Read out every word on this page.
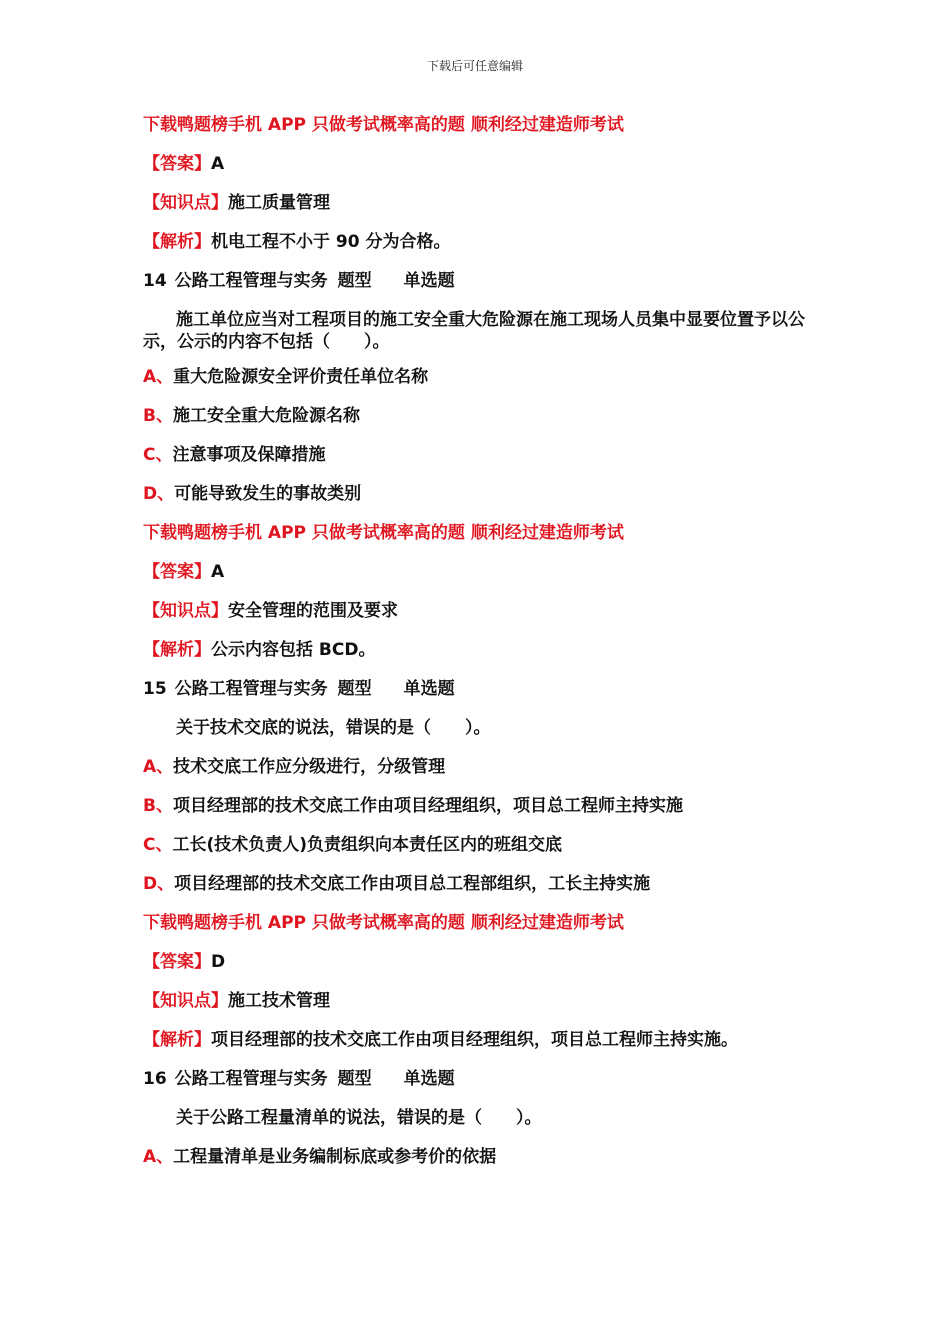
下载后可任意编辑
下载鸭题榜手机 APP 只做考试概率高的题 顺利经过建造师考试
【答案】A
【知识点】施工质量管理
【解析】机电工程不小于 90 分为合格。
14 公路工程管理与实务 题型 单选题
施工单位应当对工程项目的施工安全重大危险源在施工现场人员集中显要位置予以公示，公示的内容不包括（　　）。
A、重大危险源安全评价责任单位名称
B、施工安全重大危险源名称
C、注意事项及保障措施
D、可能导致发生的事故类别
下载鸭题榜手机 APP 只做考试概率高的题 顺利经过建造师考试
【答案】A
【知识点】安全管理的范围及要求
【解析】公示内容包括 BCD。
15 公路工程管理与实务 题型 单选题
关于技术交底的说法，错误的是（　　）。
A、技术交底工作应分级进行，分级管理
B、项目经理部的技术交底工作由项目经理组织，项目总工程师主持实施
C、工长(技术负责人)负责组织向本责任区内的班组交底
D、项目经理部的技术交底工作由项目总工程部组织，工长主持实施
下载鸭题榜手机 APP 只做考试概率高的题 顺利经过建造师考试
【答案】D
【知识点】施工技术管理
【解析】项目经理部的技术交底工作由项目经理组织，项目总工程师主持实施。
16 公路工程管理与实务 题型 单选题
关于公路工程量清单的说法，错误的是（　　）。
A、工程量清单是业务编制标底或参考价的依据
